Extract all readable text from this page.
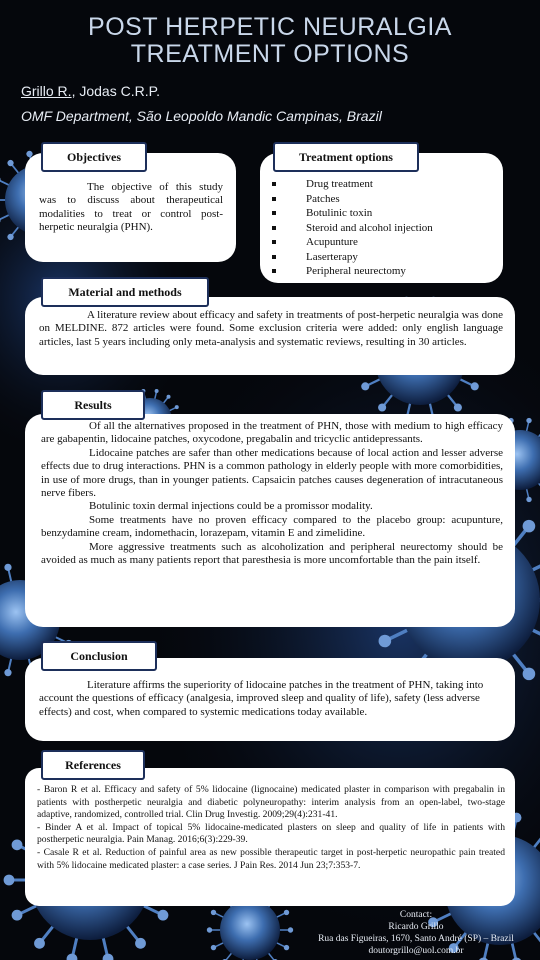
POST HERPETIC NEURALGIA
TREATMENT OPTIONS
Grillo R., Jodas C.R.P.
OMF Department, São Leopoldo Mandic Campinas, Brazil

The objective of this study was to discuss about therapeutical modalities to treat or control post-herpetic neuralgia (PHN).

Objectives
Drug treatment
Patches
Botulinic toxin
Steroid and alcohol injection
Acupunture
Laserterapy
Peripheral neurectomy
Treatment options

A literature review about efficacy and safety in treatments of post-herpetic neuralgia was done on MELDINE. 872 articles were found. Some exclusion criteria were added: only english language articles, last 5 years including only meta-analysis and systematic reviews, resulting in 30 articles.

Material and methods

Of all the alternatives proposed in the treatment of PHN, those with medium to high efficacy are gabapentin, lidocaine patches, oxycodone, pregabalin and tricyclic antidepressants.

Lidocaine patches are safer than other medications because of local action and lesser adverse effects due to drug interactions. PHN is a common pathology in elderly people with more comorbidities, in use of more drugs, than in younger patients. Capsaicin patches causes degeneration of intracutaneous nerve fibers.

Botulinic toxin dermal injections could be a promissor modality.

Some treatments have no proven efficacy compared to the placebo group: acupunture, benzydamine cream, indomethacin, lorazepam, vitamin E and zimelidine.

More aggressive treatments such as alcoholization and peripheral neurectomy should be avoided as much as many patients report that paresthesia is more uncomfortable than the pain itself.

Results

Literature affirms the superiority of lidocaine patches in the treatment of PHN, taking into account the questions of efficacy (analgesia, improved sleep and quality of life), safety (less adverse effects) and cost, when compared to systemic medications today available.

Conclusion
- Baron R et al. Efficacy and safety of 5% lidocaine (lignocaine) medicated plaster in comparison with pregabalin in patients with postherpetic neuralgia and diabetic polyneuropathy: interim analysis from an open-label, two-stage adaptive, randomized, controlled trial. Clin Drug Investig. 2009;29(4):231-41.
- Binder A et al. Impact of topical 5% lidocaine-medicated plasters on sleep and quality of life in patients with postherpetic neuralgia. Pain Manag. 2016;6(3):229-39.
- Casale R et al. Reduction of painful area as new possible therapeutic target in post-herpetic neuropathic pain treated with 5% lidocaine medicated plaster: a case series. J Pain Res. 2014 Jun 23;7:353-7.
References
Contact:
Ricardo Grillo
Rua das Figueiras, 1670, Santo André (SP) – Brazil
doutorgrillo@uol.com.br
